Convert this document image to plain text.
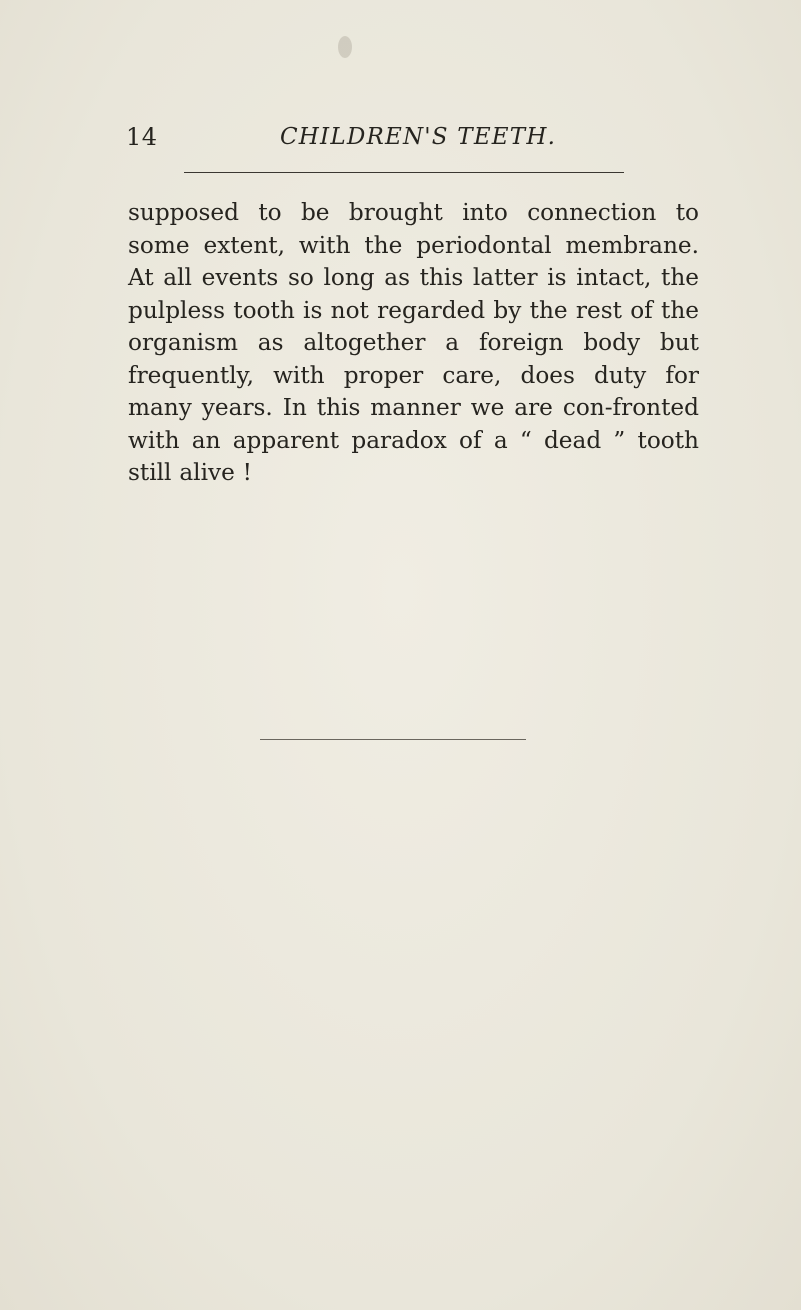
14	CHILDREN'S TEETH.

supposed to be brought into connection to some extent, with the periodontal membrane. At all events so long as this latter is intact, the pulpless tooth is not regarded by the rest of the organism as altogether a foreign body but frequently, with proper care, does duty for many years. In this manner we are con-fronted with an apparent paradox of a “ dead ” tooth still alive !
